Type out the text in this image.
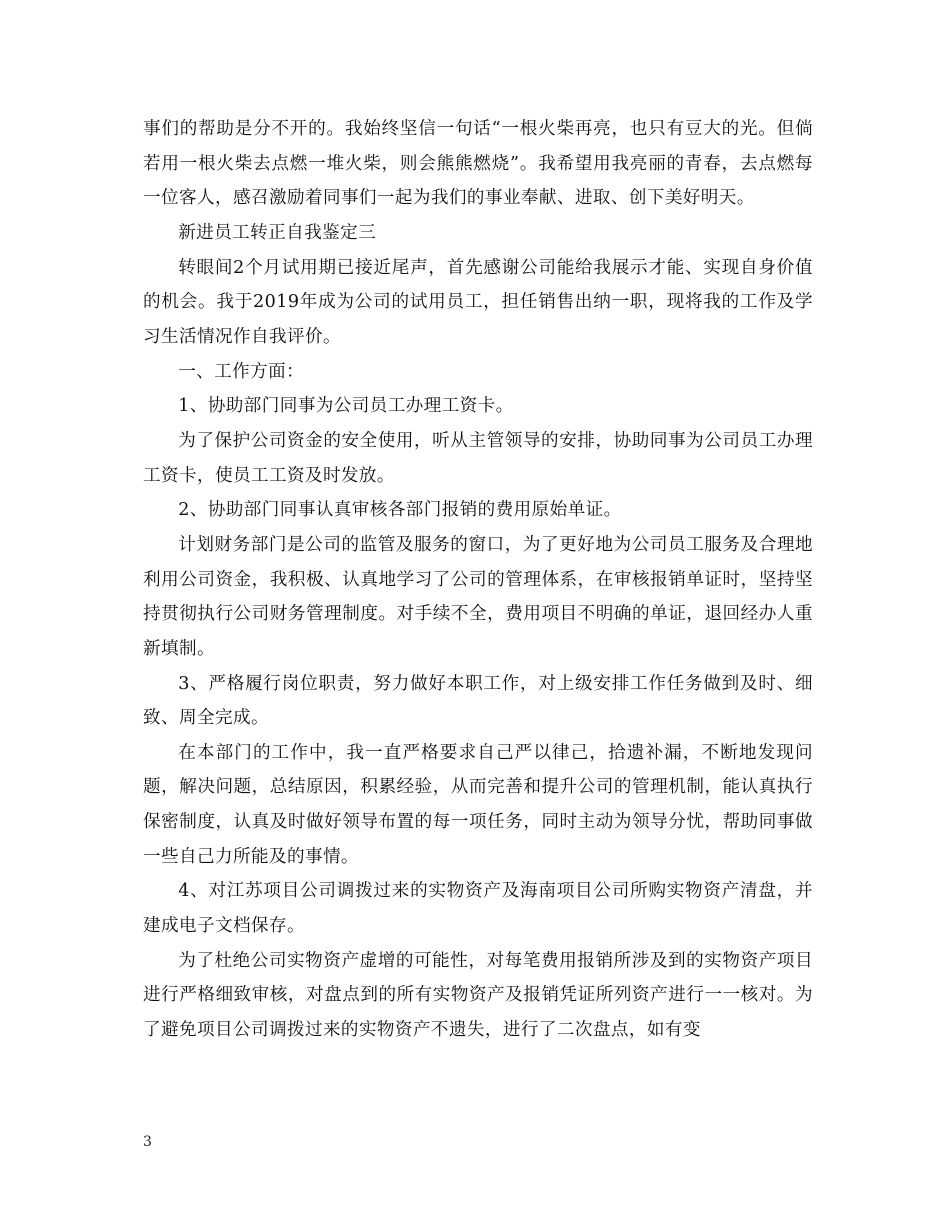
事们的帮助是分不开的。我始终坚信一句话“一根火柴再亮，也只有豆大的光。但倘若用一根火柴去点燃一堆火柴，则会熊熊燃烧”。我希望用我亮丽的青春，去点燃每一位客人，感召激励着同事们一起为我们的事业奉献、进取、创下美好明天。

新进员工转正自我鉴定三

转眼间2个月试用期已接近尾声，首先感谢公司能给我展示才能、实现自身价值的机会。我于2019年成为公司的试用员工，担任销售出纳一职，现将我的工作及学习生活情况作自我评价。

一、工作方面：

1、协助部门同事为公司员工办理工资卡。

为了保护公司资金的安全使用，听从主管领导的安排，协助同事为公司员工办理工资卡，使员工工资及时发放。

2、协助部门同事认真审核各部门报销的费用原始单证。

计划财务部门是公司的监管及服务的窗口，为了更好地为公司员工服务及合理地利用公司资金，我积极、认真地学习了公司的管理体系，在审核报销单证时，坚持坚持贯彻执行公司财务管理制度。对手续不全，费用项目不明确的单证，退回经办人重新填制。

3、严格履行岗位职责，努力做好本职工作，对上级安排工作任务做到及时、细致、周全完成。

在本部门的工作中，我一直严格要求自己严以律己，拾遗补漏，不断地发现问题，解决问题，总结原因，积累经验，从而完善和提升公司的管理机制，能认真执行保密制度，认真及时做好领导布置的每一项任务，同时主动为领导分忧，帮助同事做一些自己力所能及的事情。

4、对江苏项目公司调拨过来的实物资产及海南项目公司所购实物资产清盘，并建成电子文档保存。

为了杜绝公司实物资产虚增的可能性，对每笔费用报销所涉及到的实物资产项目进行严格细致审核，对盘点到的所有实物资产及报销凭证所列资产进行一一核对。为了避免项目公司调拨过来的实物资产不遗失，进行了二次盘点，如有变

3
